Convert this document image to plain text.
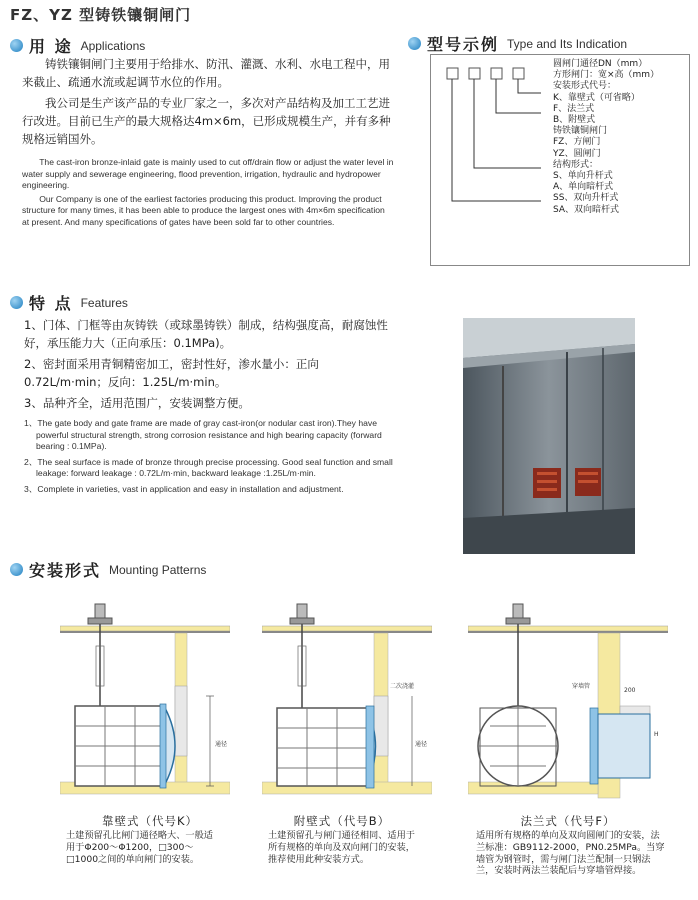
FZ、YZ 型铸铁镶铜闸门
用 途 Applications

铸铁镶铜闸门主要用于给排水、防汛、灌溉、水利、水电工程中，用来截止、疏通水流或起调节水位的作用。

我公司是生产该产品的专业厂家之一，多次对产品结构及加工工艺进行改进。目前已生产的最大规格达4m×6m，已形成规模生产，并有多种规格远销国外。

The cast-iron bronze-inlaid gate is mainly used to cut off/drain flow or adjust the water level in water supply and sewerage engineering, flood prevention, irrigation, hydraulic and hydropower engineering.

Our Company is one of the earliest factories producing this product. Improving the product structure for many times, it has been able to produce the largest ones with 4m×6m specification at present. And many specifications of gates have been sold far to other countries.

型号示例 Type and Its Indication
圆闸门通径DN（mm）
方形闸门：宽×高（mm）
安装形式代号：
K、靠壁式（可省略）
F、法兰式
B、附壁式
铸铁镶铜闸门
FZ、方闸门
YZ、圆闸门
结构形式：
S、单向升杆式
A、单向暗杆式
SS、双向升杆式
SA、双向暗杆式
特 点 Features

1、门体、门框等由灰铸铁（或球墨铸铁）制成，结构强度高，耐腐蚀性好，承压能力大（正向承压：0.1MPa)。

2、密封面采用青铜精密加工，密封性好，渗水量小：正向0.72L/m·min；反向：1.25L/m·min。

3、品种齐全，适用范围广，安装调整方便。

1、The gate body and gate frame are made of gray cast-iron(or nodular cast iron).They have powerful structural strength, strong corrosion resistance and high bearing capacity (forward bearing : 0.1MPa).

2、The seal surface is made of bronze through precise processing. Good seal function and small leakage: forward leakage : 0.72L/m·min, backward leakage :1.25L/m·min.

3、Complete in varieties, vast in application and easy in installation and adjustment.

安装形式 Mounting Patterns
通径
二次浇灌
通径
穿墙管
200
H
靠壁式（代号K）
土建预留孔比闸门通径略大、一般适用于Φ200～Φ1200，□300～□1000之间的单向闸门的安装。
附壁式（代号B）
土建预留孔与闸门通径相同、适用于所有规格的单向及双向闸门的安装，推荐使用此种安装方式。
法兰式（代号F）
适用所有规格的单向及双向圆闸门的安装，法兰标准：GB9112-2000，PN0.25MPa。当穿墙管为钢管时，需与闸门法兰配制一只钢法兰，安装时两法兰装配后与穿墙管焊接。
